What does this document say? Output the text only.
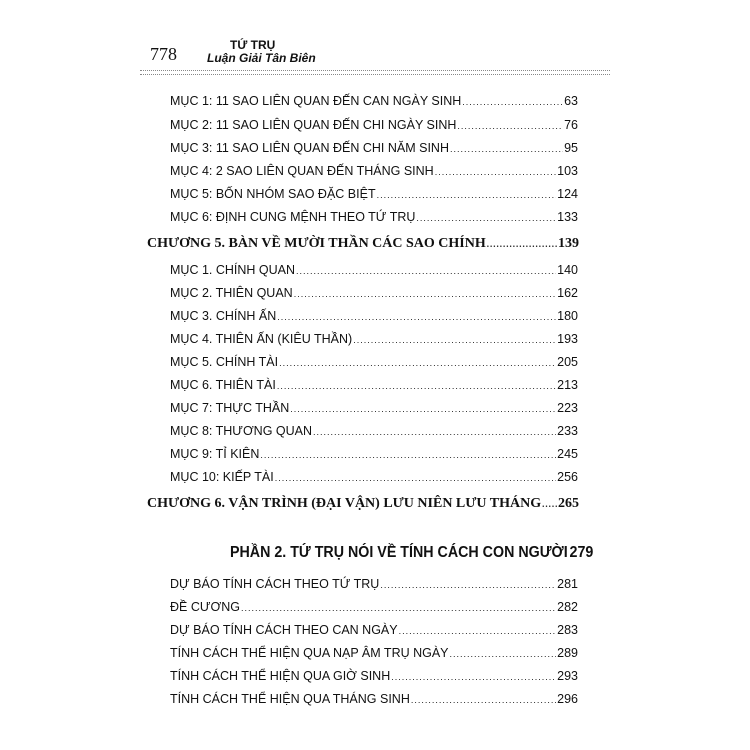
778	TỨ TRỤ
Luận Giải Tân Biên
MỤC 1: 11 SAO LIÊN QUAN ĐẾN CAN NGÀY SINH .....	63
MỤC 2: 11 SAO LIÊN QUAN ĐẾN CHI NGÀY SINH .....	76
MỤC 3: 11 SAO LIÊN QUAN ĐẾN CHI NĂM SINH .....	95
MỤC 4: 2 SAO LIÊN QUAN ĐẾN THÁNG SINH .....	103
MỤC 5: BỐN NHÓM SAO ĐẶC BIỆT .....	124
MỤC 6: ĐỊNH CUNG MỆNH THEO TỨ TRỤ .....	133
CHƯƠNG 5. BÀN VỀ MƯỜI THẦN CÁC SAO CHÍNH .....	139
MỤC 1. CHÍNH QUAN .....	140
MỤC 2. THIÊN QUAN .....	162
MỤC 3. CHÍNH ẤN .....	180
MỤC 4. THIÊN ẤN (KIÊU THẦN) .....	193
MỤC 5. CHÍNH TÀI .....	205
MỤC 6. THIÊN TÀI .....	213
MỤC 7: THỰC THẦN .....	223
MỤC 8: THƯƠNG QUAN .....	233
MỤC 9: TỈ KIÊN .....	245
MỤC 10: KIẾP TÀI .....	256
CHƯƠNG 6. VẬN TRÌNH (ĐẠI VẬN) LƯU NIÊN LƯU THÁNG ..... 265
PHẦN 2. TỨ TRỤ NÓI VỀ TÍNH CÁCH CON NGƯỜI 279
DỰ BÁO TÍNH CÁCH THEO TỨ TRỤ .....	281
ĐỀ CƯƠNG .....	282
DỰ BÁO TÍNH CÁCH THEO CAN NGÀY .....	283
TÍNH CÁCH THỂ HIỆN QUA NẠP ÂM TRỤ NGÀY .....	289
TÍNH CÁCH THỂ HIỆN QUA GIỜ SINH .....	293
TÍNH CÁCH THỂ HIỆN QUA THÁNG SINH .....	296
